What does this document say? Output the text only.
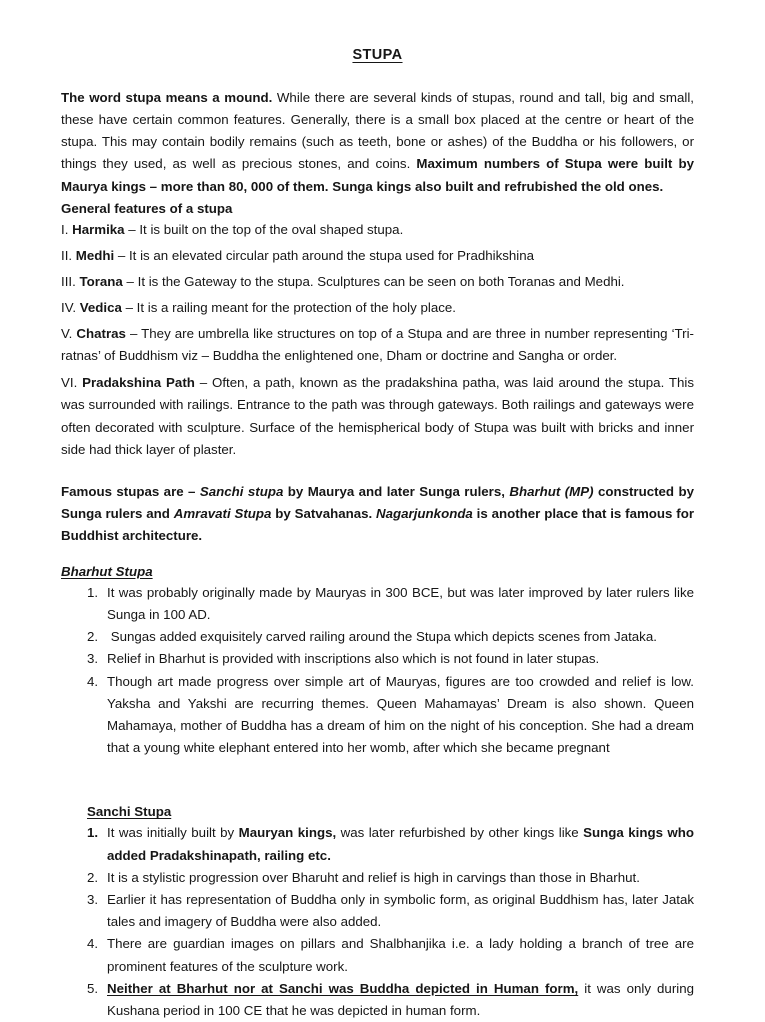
STUPA

The word stupa means a mound. While there are several kinds of stupas, round and tall, big and small, these have certain common features. Generally, there is a small box placed at the centre or heart of the stupa. This may contain bodily remains (such as teeth, bone or ashes) of the Buddha or his followers, or things they used, as well as precious stones, and coins. Maximum numbers of Stupa were built by Maurya kings – more than 80, 000 of them. Sunga kings also built and refrubished the old ones.

General features of a stupa

I. Harmika – It is built on the top of the oval shaped stupa.

II. Medhi – It is an elevated circular path around the stupa used for Pradhikshina

III. Torana – It is the Gateway to the stupa. Sculptures can be seen on both Toranas and Medhi.

IV. Vedica – It is a railing meant for the protection of the holy place.

V. Chatras – They are umbrella like structures on top of a Stupa and are three in number representing ‘Tri-ratnas’ of Buddhism viz – Buddha the enlightened one, Dham or doctrine and Sangha or order.

VI. Pradakshina Path – Often, a path, known as the pradakshina patha, was laid around the stupa. This was surrounded with railings. Entrance to the path was through gateways. Both railings and gateways were often decorated with sculpture. Surface of the hemispherical body of Stupa was built with bricks and inner side had thick layer of plaster.

Famous stupas are – Sanchi stupa by Maurya and later Sunga rulers, Bharhut (MP) constructed by Sunga rulers and Amravati Stupa by Satvahanas. Nagarjunkonda is another place that is famous for Buddhist architecture.

Bharhut Stupa

1. It was probably originally made by Mauryas in 300 BCE, but was later improved by later rulers like Sunga in 100 AD.
2. Sungas added exquisitely carved railing around the Stupa which depicts scenes from Jataka.
3. Relief in Bharhut is provided with inscriptions also which is not found in later stupas.
4. Though art made progress over simple art of Mauryas, figures are too crowded and relief is low. Yaksha and Yakshi are recurring themes. Queen Mahamayas’ Dream is also shown. Queen Mahamaya, mother of Buddha has a dream of him on the night of his conception. She had a dream that a young white elephant entered into her womb, after which she became pregnant

Sanchi Stupa

1. It was initially built by Mauryan kings, was later refurbished by other kings like Sunga kings who added Pradakshinapath, railing etc.
2. It is a stylistic progression over Bharuht and relief is high in carvings than those in Bharhut.
3. Earlier it has representation of Buddha only in symbolic form, as original Buddhism has, later Jatak tales and imagery of Buddha were also added.
4. There are guardian images on pillars and Shalbhanjika i.e. a lady holding a branch of tree are prominent features of the sculpture work.
5. Neither at Bharhut nor at Sanchi was Buddha depicted in Human form, it was only during Kushana period in 100 CE that he was depicted in human form.
